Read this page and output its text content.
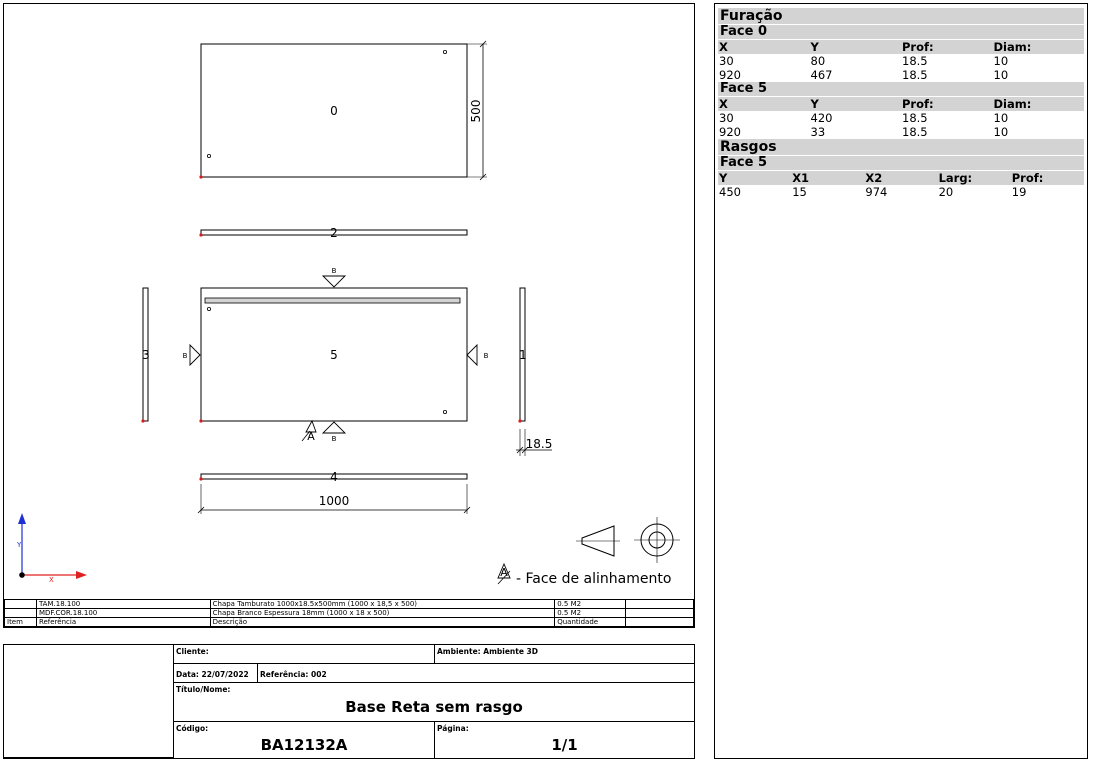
0	500
2
5
B
B	B
B
A
3	1
18.5
4
1000
Y
X
A - Face de alinhamento
	TAM.18.100	Chapa Tamburato 1000x18.5x500mm (1000 x 18,5 x 500)	0.5 M2	
	MDF.COR.18.100	Chapa Branco Espessura 18mm (1000 x 18 x 500)	0.5 M2	
Item	Referência	Descrição	Quantidade	
Cliente:	Ambiente: Ambiente 3D
Data: 22/07/2022 Referência: 002
Título/Nome:
Base Reta sem rasgo
Código:
BA12132A
Página:
1/1
Furação
Face 0
X	Y	Prof:	Diam:
30	80	18.5	10
920	467	18.5	10
Face 5
X	Y	Prof:	Diam:
30	420	18.5	10
920	33	18.5	10
Rasgos
Face 5
Y	X1	X2	Larg:	Prof:
450	15	974	20	19
